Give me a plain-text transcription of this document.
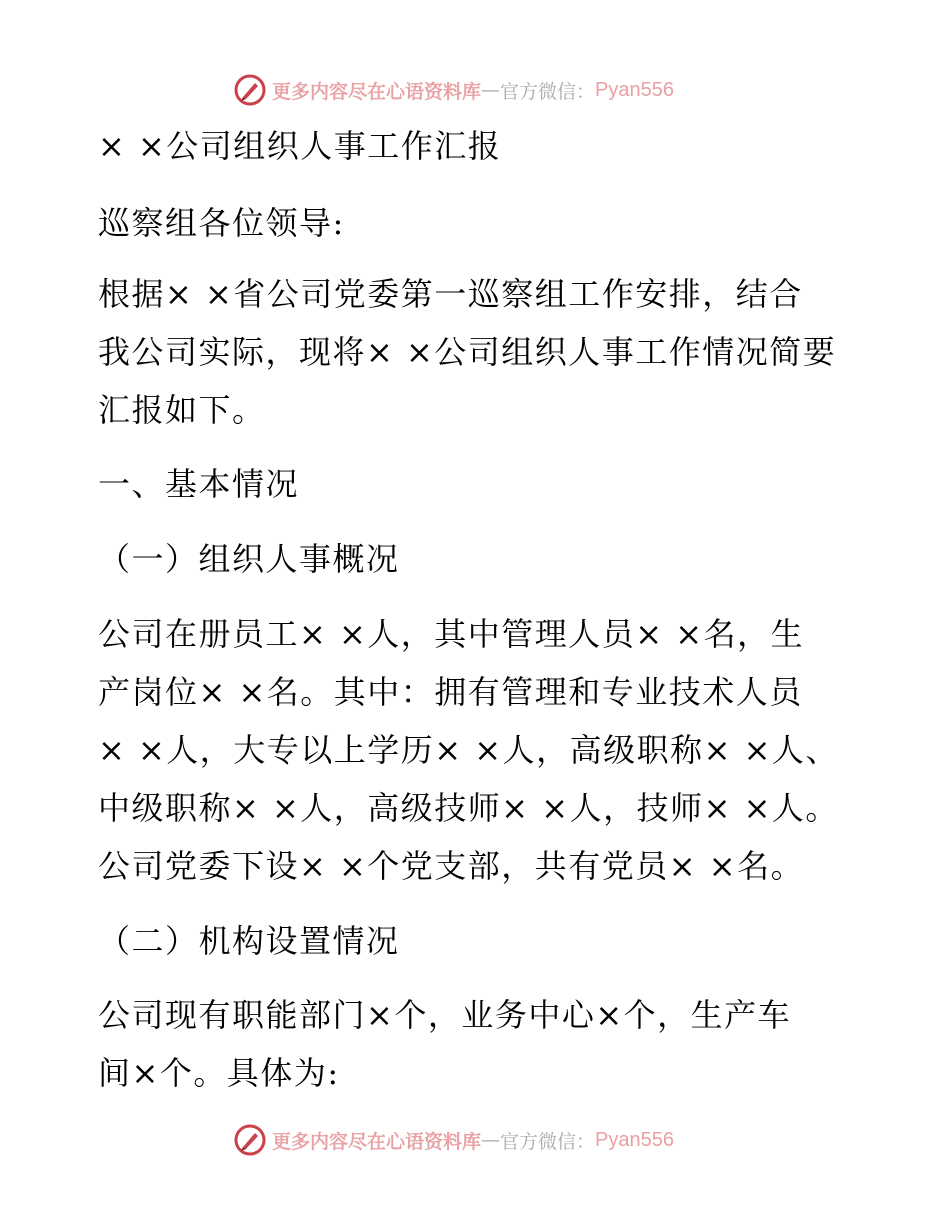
更多内容尽在心语资料库 — 官方微信： Pyan556
× ×公司组织人事工作汇报
巡察组各位领导:
根据× ×省公司党委第一巡察组工作安排，结合
我公司实际，现将× ×公司组织人事工作情况简要
汇报如下。
一、基本情况
（一）组织人事概况
公司在册员工× ×人，其中管理人员× ×名，生
产岗位× ×名。其中：拥有管理和专业技术人员
× ×人，大专以上学历× ×人，高级职称× ×人、
中级职称× ×人，高级技师× ×人，技师× ×人。
公司党委下设× ×个党支部，共有党员× ×名。
（二）机构设置情况
公司现有职能部门×个，业务中心×个，生产车
间×个。具体为:
更多内容尽在心语资料库 — 官方微信： Pyan556
